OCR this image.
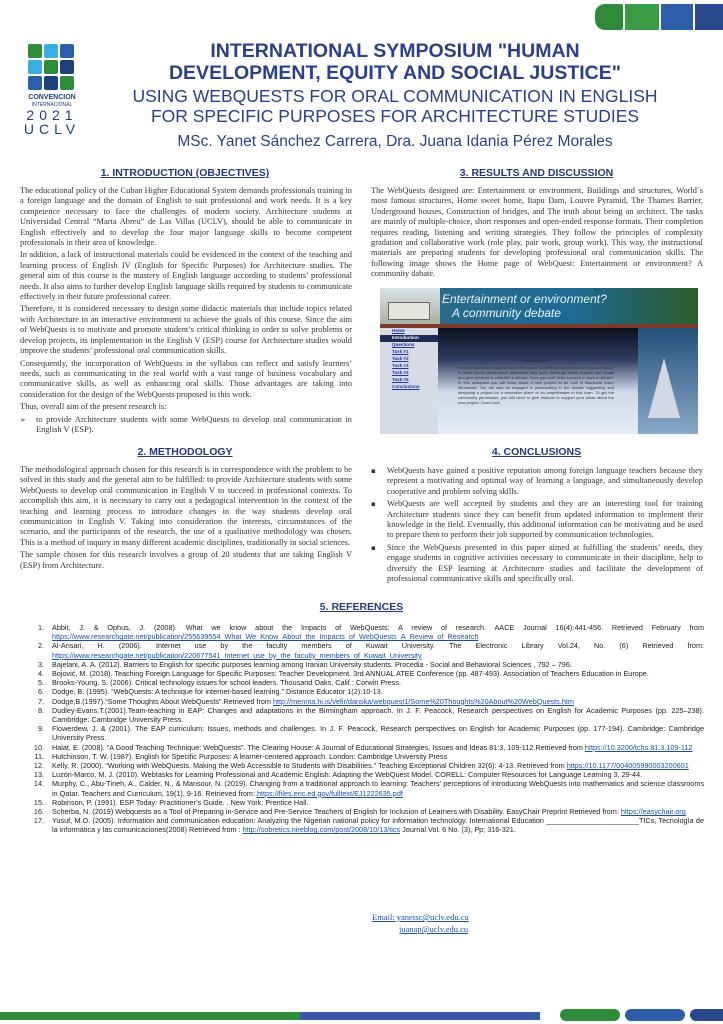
CONVENCION
INTERNACIONAL
2021
UCLV
INTERNATIONAL SYMPOSIUM "HUMAN
DEVELOPMENT, EQUITY AND SOCIAL JUSTICE"
USING WEBQUESTS FOR ORAL COMMUNICATION IN ENGLISH
FOR SPECIFIC PURPOSES FOR ARCHITECTURE STUDIES
MSc. Yanet Sánchez Carrera, Dra. Juana Idania Pérez Morales
1. INTRODUCTION (OBJECTIVES)

The educational policy of the Cuban Higher Educational System demands professionals training in a foreign language and the domain of English to suit professional and work needs. It is a key competence necessary to face the challenges of modern society. Architecture students at Universidad Central “Marta Abreu” de Las Villas (UCLV), should be able to communicate in English effectively and to develop the four major language skills to become competent professionals in their area of knowledge.

In addition, a lack of instructional materials could be evidenced in the context of the teaching and learning process of English IV (English for Specific Purposes) for Architecture studies. The general aim of this course is the mastery of English language according to students’ professional needs. It also aims to further develop English language skills required by students to communicate effectively in their future professional career.

Therefore, it is considered necessary to design some didactic materials that include topics related with Architecture in an interactive environment to achieve the goals of this course. Since the aim of WebQuests is to motivate and promote student’s critical thinking in order to solve problems or develop projects, its implementation in the English V (ESP) course for Architecture studies would improve the students’ professional oral communication skills.

Consequently, the incorporation of WebQuests in the syllabus can reflect and satisfy learners’ needs, such as communicating in the real world with a vast range of business vocabulary and communicative skills, as well as enhancing oral skills. Those advantages are taking into consideration for the design of the WebQuests proposed in this work.

Thus, overall aim of the present research is:

➢	to provide Architecture students with some WebQuests to develop oral communication in English V (ESP).
2. METHODOLOGY

The methodological approach chosen for this research is in correspondence with the problem to be solved in this study and the general aim to be fulfilled: to provide Architecture students with some WebQuests to develop oral communication in English V to succeed in professional contexts. To accomplish this aim, it is necessary to carry out a pedagogical intervention in the context of the teaching and learning process to introduce changes in the way students develop oral communication in English V. Taking into consideration the interests, circumstances of the scenario, and the participants of the research, the use of a qualitative methodology was chosen. This is a method of inquiry in many different academic disciplines, traditionally in social sciences.

The sample chosen for this research involves a group of 20 students that are taking English V (ESP) from Architecture.

3. RESULTS AND DISCUSSION

The WebQuests designed are: Entertainment or environment, Buildings and structures, World´s most famous structures, Home sweet home, Itapu Dam, Louvre Pyramid, The Thames Barrier, Underground houses, Construction of bridges, and The truth about being an architect. The tasks are mainly of multiple-choice, short responses and open-ended response formats. Their completion requires reading, listening and writing strategies. They follow the principles of complexity gradation and collaborative work (role play, pair work, group work). This way, the instructional materials are preparing students for developing professional oral communication skills. The following image shows the Home page of WebQuest: Entertainment or environment? A community dabate.

Entertainment or environment?
A community debate
Home
Introduction
Questions
Task #1
Task #2
Task #3
Task #4
Task #5
Conclusions
Introduction
How are decisions made in towns in respect to building new projects on unused lands? In some towns government authorities hold open meetings where anyone can speak and give opinions to establish a debate. Have you ever been involved in such a debate? In this webquest you will learn about a new project to be built in Bumsville town, Minnesota. You will also be engaged in participating in the debate suggesting and designing a project for a recreation place or an amphitheater in this town. To get the community permission, you will need to give reasons to support your ideas about the new project. Good luck!
4. CONCLUSIONS
▪	WebQuests have gained a positive reputation among foreign language teachers because they represent a motivating and optimal way of learning a language, and simultaneously develop cooperative and problem solving skills.
▪	WebQuests are well accepted by students and they are an interesting tool for training Architecture students since they can benefit from updated information to implement their knowledge in the field. Eventually, this additional information can be motivating and be used to prepare them to perform their job supported by communication technologies.
▪	Since the WebQuests presented in this paper aimed at fulfilling the students’ needs, they engage students in cognitive activities necessary to communicate in their discipline, help to diversify the ESP learning at Architecture studies and facilitate the development of professional communicative skills and specifically oral.
5. REFERENCES
1.	Abbit, J. & Ophus, J. (2008). What we know about the Impacts of WebQuests: A review of research. AACE Journal 16(4):441-456. Retrieved February from https://www.researchgate.net/publication/255639554_What_We_Know_About_the_Impacts_of_WebQuests_A_Review_of_Research
2.	Al-Ansari, H. (2006). Internet use by the faculty members of Kuwait University. The Electronic Library Vol.24, No. (6) Retrieved from: https://www.researchgate.net/publication/220677541_Internet_use_by_the_faculty_members_of_Kuwait_University
3.	Bajelani, A. A. (2012). Barriers to English for specific purposes learning among Iranian University students. Procedia - Social and Behavioral Sciences , 792 – 796.
4.	Bojović, M. (2018). Teaching Foreign Language for Specific Purposes: Teacher Development. 3rd ANNUAL ATEE Conference (pp. 487-493). Association of Teachers Education in Europe.
5.	Brooks-Young, S. (2006). Critical technology issues for school leaders. Thousand Oaks, Calif.: Corwin Press.
6.	Dodge, B. (1995). “WebQuests: A technique for internet-based learning.” Distance Educator 1(2):10-13.
7.	Dodge,B.(1997).“Some Thoughts About WebQuests”.Retrieved from http://mennta.hi.is/vefir/danska/webquest1/Some%20Thoughts%20About%20WebQuests.htm
8.	Dudley-Evans,T.(2001).Team-teaching in EAP: Changes and adaptations in the Birmingham approach. In J. F. Peacock, Research perspectives on English for Academic Purposes (pp. 225–238). Cambridge: Cambridge University Press.
9.	Flowerdew, J. & (2001). The EAP curriculum: Issues, methods and challenges. In J. F. Peacock, Research perspectives on English for Academic Purposes (pp. 177-194). Cambridge: Cambridge University Press.
10.	Halat, E. (2008). “A Good Teaching Technique: WebQuests”. The Clearing House: A Journal of Educational Strategies, Issues and Ideas 81:3, 109-112.Retrieved from https://10.3200/tchs.81.3.109-112
11.	Hutchinson, T. W. (1987). English for Specific Purposes: A learner-centered approach. London: Cambridge University Press
12.	Kelly, R. (2000). “Working with WebQuests. Making the Web Accessible to Students with Disabilities.” Teaching Exceptional Children 32(6): 4-13. Retrieved from https://10.1177/004005990003200601
13.	Luzón-Marco, M. J. (2010). Webtasks for Learning Professional and Academic English: Adapting the WebQuest Model. CORELL: Computer Resources for Language Learning 3, 29-44.
14.	Murphy, C., Abu-Tineh, A., Calder, N., & Mansour, N. (2019). Changing from a traditional approach to learning: Teachers’ perceptions of introducing WebQuests into mathematics and science classrooms in Qatar. Teachers and Curriculum, 19(1), 9-16. Retrieved from: https://files.eric.ed.gov/fulltext/EJ1222635.pdf
15.	Robinson, P. (1991). ESP Today: Practitioner’s Guide. . New York: Prentice Hall.
16.	Scherba, N. (2019) Webquests as a Tool of Preparing in-Service and Pre-Service Teachers of English for Inclusion of Learners with Disability. EasyChair Preprint Retrieved from: https://easychair.org
17.	Yusuf, M.O. (2005). Information and communication education: Analyzing the Nigerian national policy for information technology. International Education _______________________TICs, Tecnología de la informática y las comunicaciones(2008) Retrieved from : http://sobretics.nireblog.com/post/2008/10/13/tics Journal Vol. 6 No. (3), Pp; 316-321.
Email: yanetsc@uclv.edu.cu
juanap@uclv.edu.cu
